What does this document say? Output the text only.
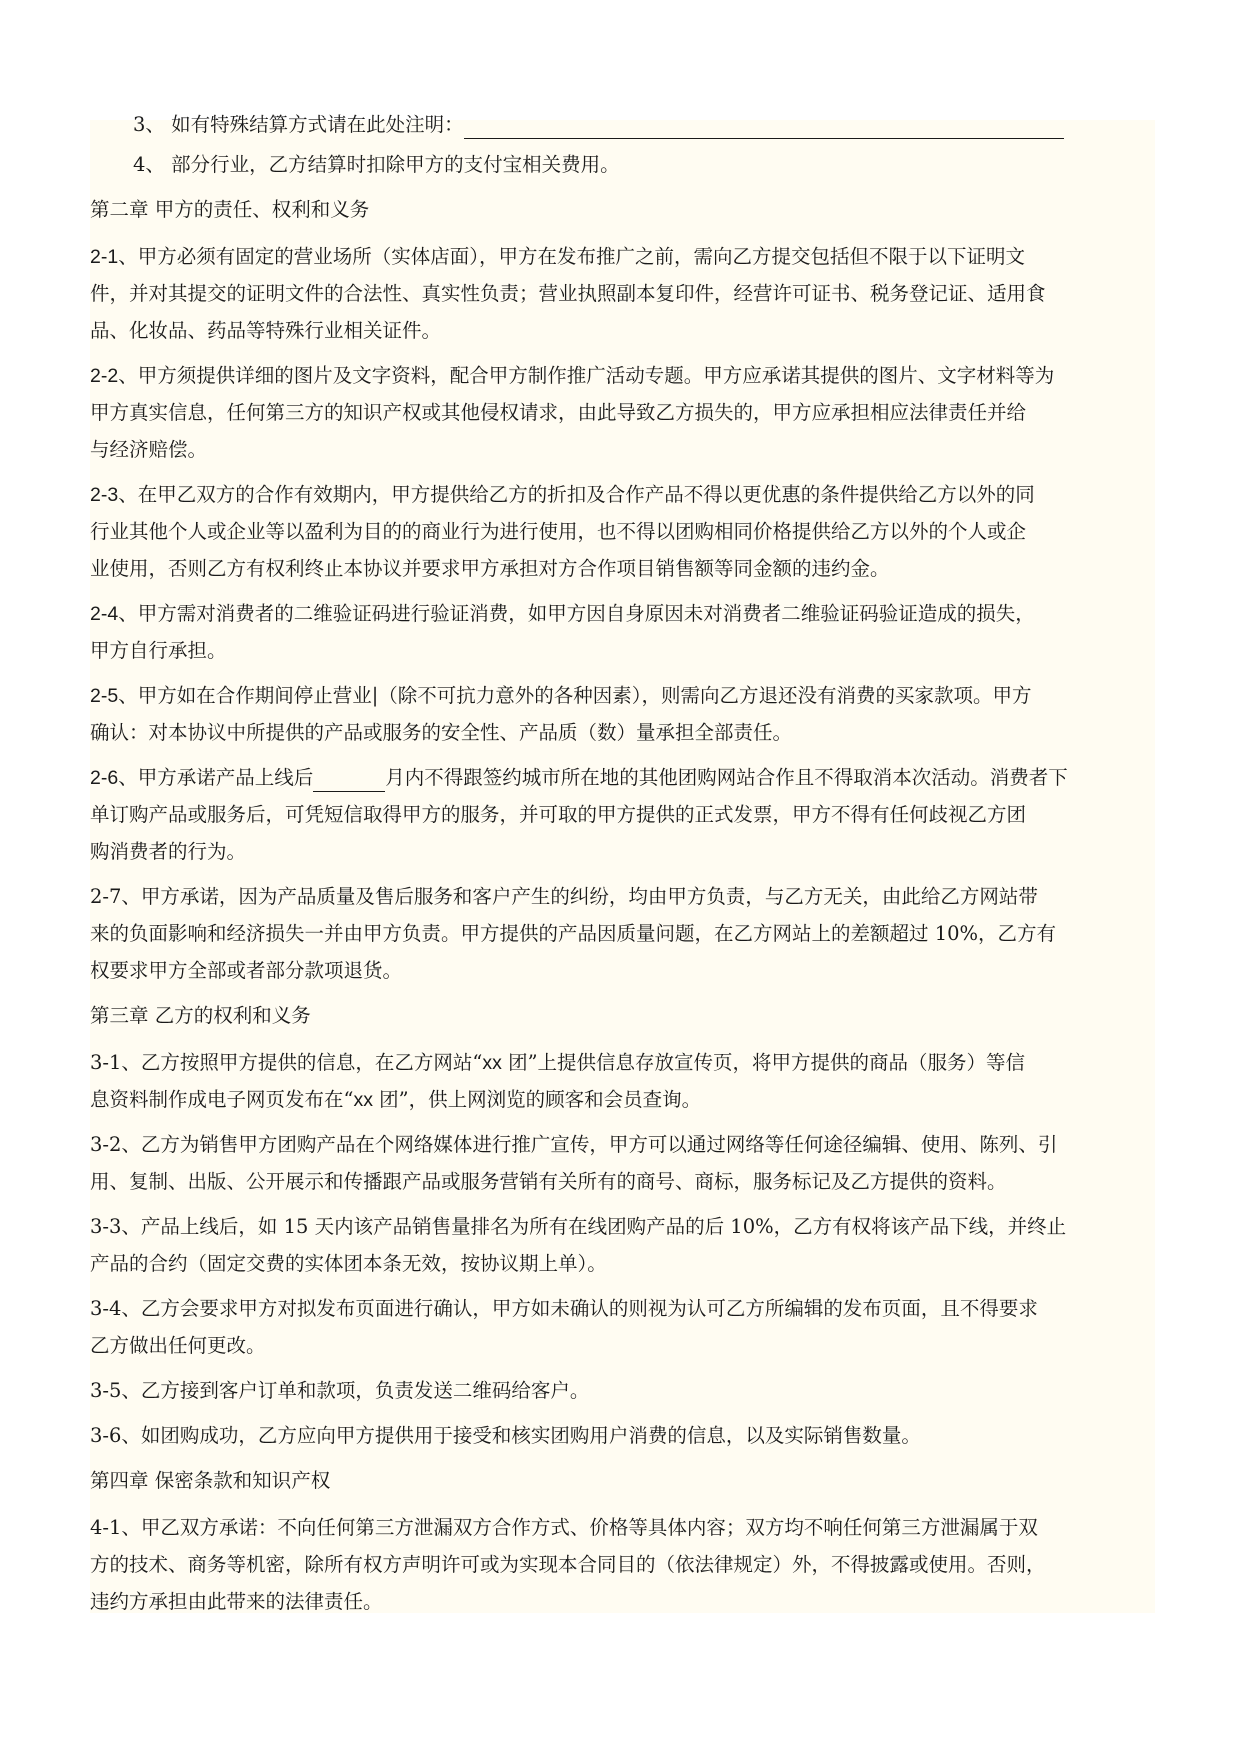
3、 如有特殊结算方式请在此处注明：
4、 部分行业，乙方结算时扣除甲方的支付宝相关费用。
第二章 甲方的责任、权利和义务
2-1、甲方必须有固定的营业场所（实体店面），甲方在发布推广之前，需向乙方提交包括但不限于以下证明文
件，并对其提交的证明文件的合法性、真实性负责；营业执照副本复印件，经营许可证书、税务登记证、适用食
品、化妆品、药品等特殊行业相关证件。
2-2、甲方须提供详细的图片及文字资料，配合甲方制作推广活动专题。甲方应承诺其提供的图片、文字材料等为
甲方真实信息，任何第三方的知识产权或其他侵权请求，由此导致乙方损失的，甲方应承担相应法律责任并给
与经济赔偿。
2-3、在甲乙双方的合作有效期内，甲方提供给乙方的折扣及合作产品不得以更优惠的条件提供给乙方以外的同
行业其他个人或企业等以盈利为目的的商业行为进行使用，也不得以团购相同价格提供给乙方以外的个人或企
业使用，否则乙方有权利终止本协议并要求甲方承担对方合作项目销售额等同金额的违约金。
2-4、甲方需对消费者的二维验证码进行验证消费，如甲方因自身原因未对消费者二维验证码验证造成的损失，
甲方自行承担。
2-5、甲方如在合作期间停止营业|（除不可抗力意外的各种因素），则需向乙方退还没有消费的买家款项。甲方
确认：对本协议中所提供的产品或服务的安全性、产品质（数）量承担全部责任。
2-6、甲方承诺产品上线后	月内不得跟签约城市所在地的其他团购网站合作且不得取消本次活动。消费者下
单订购产品或服务后，可凭短信取得甲方的服务，并可取的甲方提供的正式发票，甲方不得有任何歧视乙方团
购消费者的行为。
2-7、甲方承诺，因为产品质量及售后服务和客户产生的纠纷，均由甲方负责，与乙方无关，由此给乙方网站带
来的负面影响和经济损失一并由甲方负责。甲方提供的产品因质量问题，在乙方网站上的差额超过 10%，乙方有
权要求甲方全部或者部分款项退货。
第三章 乙方的权利和义务
3-1、乙方按照甲方提供的信息，在乙方网站“xx 团”上提供信息存放宣传页，将甲方提供的商品（服务）等信
息资料制作成电子网页发布在“xx 团”，供上网浏览的顾客和会员查询。
3-2、乙方为销售甲方团购产品在个网络媒体进行推广宣传，甲方可以通过网络等任何途径编辑、使用、陈列、引
用、复制、出版、公开展示和传播跟产品或服务营销有关所有的商号、商标，服务标记及乙方提供的资料。
3-3、产品上线后，如 15 天内该产品销售量排名为所有在线团购产品的后 10%，乙方有权将该产品下线，并终止
产品的合约（固定交费的实体团本条无效，按协议期上单）。
3-4、乙方会要求甲方对拟发布页面进行确认，甲方如未确认的则视为认可乙方所编辑的发布页面，且不得要求
乙方做出任何更改。
3-5、乙方接到客户订单和款项，负责发送二维码给客户。
3-6、如团购成功，乙方应向甲方提供用于接受和核实团购用户消费的信息，以及实际销售数量。
第四章 保密条款和知识产权
4-1、甲乙双方承诺：不向任何第三方泄漏双方合作方式、价格等具体内容；双方均不响任何第三方泄漏属于双
方的技术、商务等机密，除所有权方声明许可或为实现本合同目的（依法律规定）外，不得披露或使用。否则，
违约方承担由此带来的法律责任。
